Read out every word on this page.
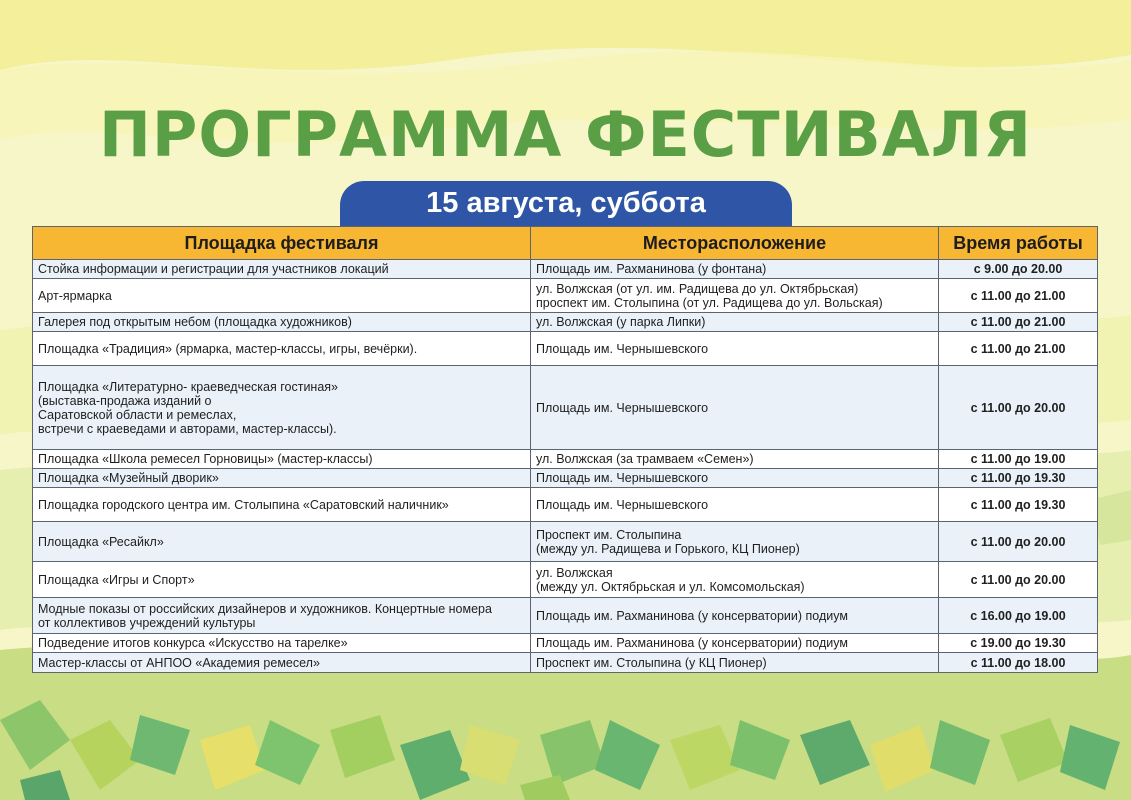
ПРОГРАММА ФЕСТИВАЛЯ
15 августа, суббота
Площадка фестиваля	Месторасположение	Время работы

Стойка информации и регистрации для участников локаций	Площадь им. Рахманинова (у фонтана)	с 9.00 до 20.00

Арт-ярмарка	ул. Волжская (от ул. им. Радищева до ул. Октябрьская)
проспект им. Столыпина (от ул. Радищева до ул. Вольская)	с 11.00 до 21.00

Галерея под открытым небом (площадка художников)	ул. Волжская (у парка Липки)	с 11.00 до 21.00

Площадка «Традиция» (ярмарка, мастер-классы, игры, вечёрки).	Площадь им. Чернышевского	с 11.00 до 21.00

Площадка «Литературно- краеведческая гостиная»
(выставка-продажа изданий о
Саратовской области и ремеслах,
встречи с краеведами и авторами, мастер-классы).	Площадь им. Чернышевского	с 11.00 до 20.00

Площадка «Школа ремесел Горновицы» (мастер-классы)	ул. Волжская (за трамваем «Семен»)	с 11.00 до 19.00

Площадка «Музейный дворик»	Площадь им. Чернышевского	с 11.00 до 19.30

Площадка городского центра им. Столыпина «Саратовский наличник»	Площадь им. Чернышевского	с 11.00 до 19.30

Площадка «Ресайкл»	Проспект им. Столыпина
(между ул. Радищева и Горького, КЦ Пионер)	с 11.00 до 20.00

Площадка «Игры и Спорт»	ул. Волжская
(между ул. Октябрьская и ул. Комсомольская)	с 11.00 до 20.00

Модные показы от российских дизайнеров и художников. Концертные номера
от коллективов учреждений культуры	Площадь им. Рахманинова (у консерватории) подиум	с 16.00 до 19.00

Подведение итогов конкурса «Искусство на тарелке»	Площадь им. Рахманинова (у консерватории) подиум	с 19.00 до 19.30

Мастер-классы от АНПОО «Академия ремесел»	Проспект им. Столыпина (у КЦ Пионер)	с 11.00 до 18.00
